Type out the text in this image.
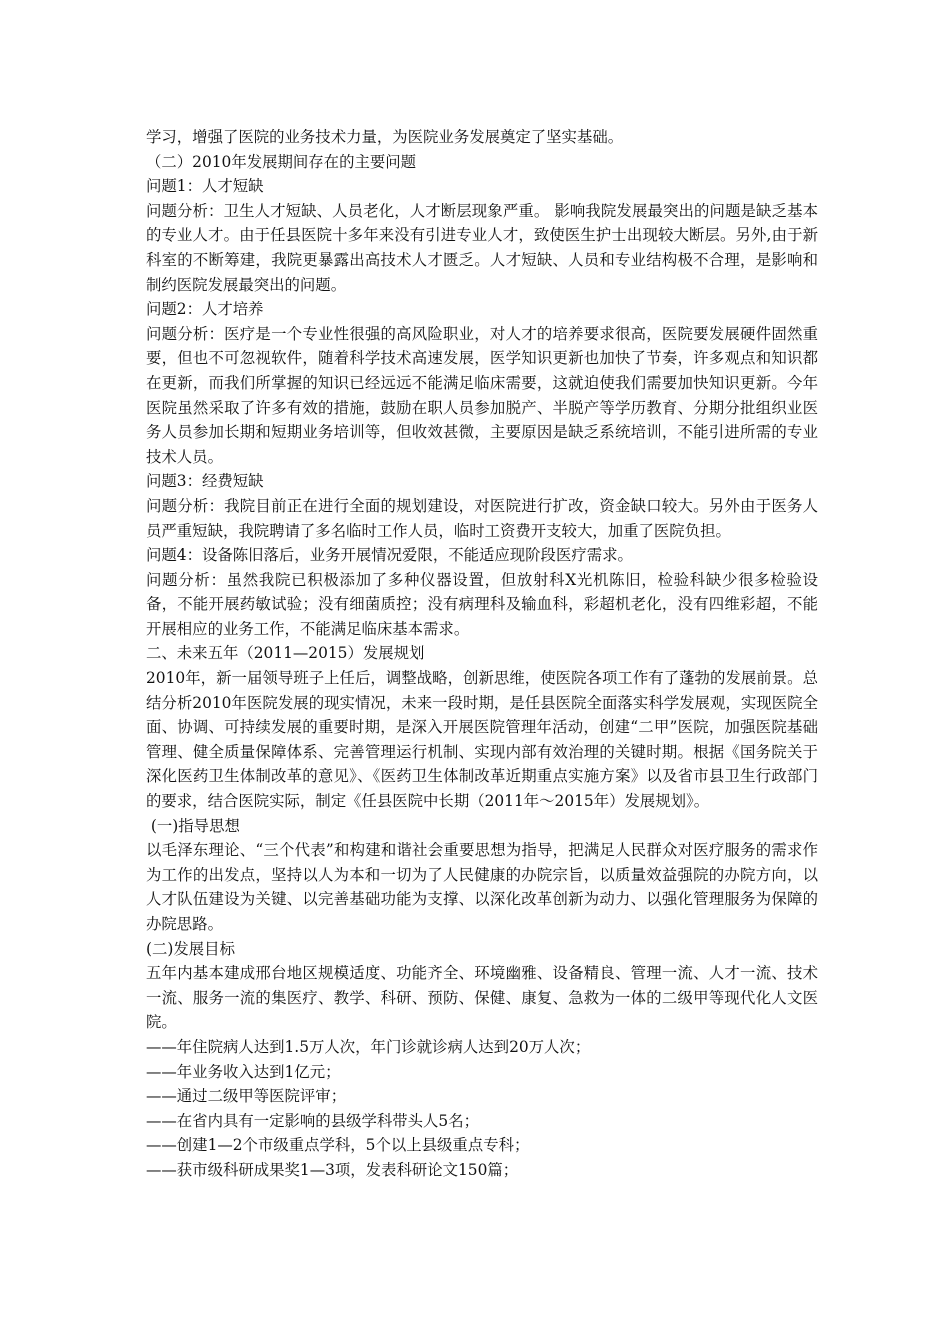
学习，增强了医院的业务技术力量，为医院业务发展奠定了坚实基础。

（二）2010年发展期间存在的主要问题

问题1：人才短缺

问题分析：卫生人才短缺、人员老化，人才断层现象严重。 影响我院发展最突出的问题是缺乏基本的专业人才。由于任县医院十多年来没有引进专业人才，致使医生护士出现较大断层。另外,由于新科室的不断筹建，我院更暴露出高技术人才匮乏。人才短缺、人员和专业结构极不合理，是影响和制约医院发展最突出的问题。

问题2：人才培养

问题分析：医疗是一个专业性很强的高风险职业，对人才的培养要求很高，医院要发展硬件固然重要，但也不可忽视软件，随着科学技术高速发展，医学知识更新也加快了节奏，许多观点和知识都在更新，而我们所掌握的知识已经远远不能满足临床需要，这就迫使我们需要加快知识更新。今年医院虽然采取了许多有效的措施，鼓励在职人员参加脱产、半脱产等学历教育、分期分批组织业医务人员参加长期和短期业务培训等，但收效甚微，主要原因是缺乏系统培训，不能引进所需的专业技术人员。

问题3：经费短缺

问题分析：我院目前正在进行全面的规划建设，对医院进行扩改，资金缺口较大。另外由于医务人员严重短缺，我院聘请了多名临时工作人员，临时工资费开支较大，加重了医院负担。

问题4：设备陈旧落后，业务开展情况爱限，不能适应现阶段医疗需求。

问题分析：虽然我院已积极添加了多种仪器设置，但放射科X光机陈旧，检验科缺少很多检验设备，不能开展药敏试验；没有细菌质控；没有病理科及输血科，彩超机老化，没有四维彩超，不能开展相应的业务工作，不能满足临床基本需求。

二、未来五年（2011—2015）发展规划

2010年，新一届领导班子上任后，调整战略，创新思维，使医院各项工作有了蓬勃的发展前景。总结分析2010年医院发展的现实情况，未来一段时期，是任县医院全面落实科学发展观，实现医院全面、协调、可持续发展的重要时期，是深入开展医院管理年活动，创建“二甲”医院，加强医院基础管理、健全质量保障体系、完善管理运行机制、实现内部有效治理的关键时期。根据《国务院关于深化医药卫生体制改革的意见》、《医药卫生体制改革近期重点实施方案》以及省市县卫生行政部门的要求，结合医院实际，制定《任县医院中长期（2011年～2015年）发展规划》。

(一)指导思想

以毛泽东理论、“三个代表”和构建和谐社会重要思想为指导，把满足人民群众对医疗服务的需求作为工作的出发点，坚持以人为本和一切为了人民健康的办院宗旨，以质量效益强院的办院方向，以人才队伍建设为关键、以完善基础功能为支撑、以深化改革创新为动力、以强化管理服务为保障的办院思路。

(二)发展目标

五年内基本建成邢台地区规模适度、功能齐全、环境幽雅、设备精良、管理一流、人才一流、技术一流、服务一流的集医疗、教学、科研、预防、保健、康复、急救为一体的二级甲等现代化人文医院。

——年住院病人达到1.5万人次，年门诊就诊病人达到20万人次；

——年业务收入达到1亿元；

——通过二级甲等医院评审；

——在省内具有一定影响的县级学科带头人5名；

——创建1—2个市级重点学科，5个以上县级重点专科；

——获市级科研成果奖1—3项，发表科研论文150篇；
